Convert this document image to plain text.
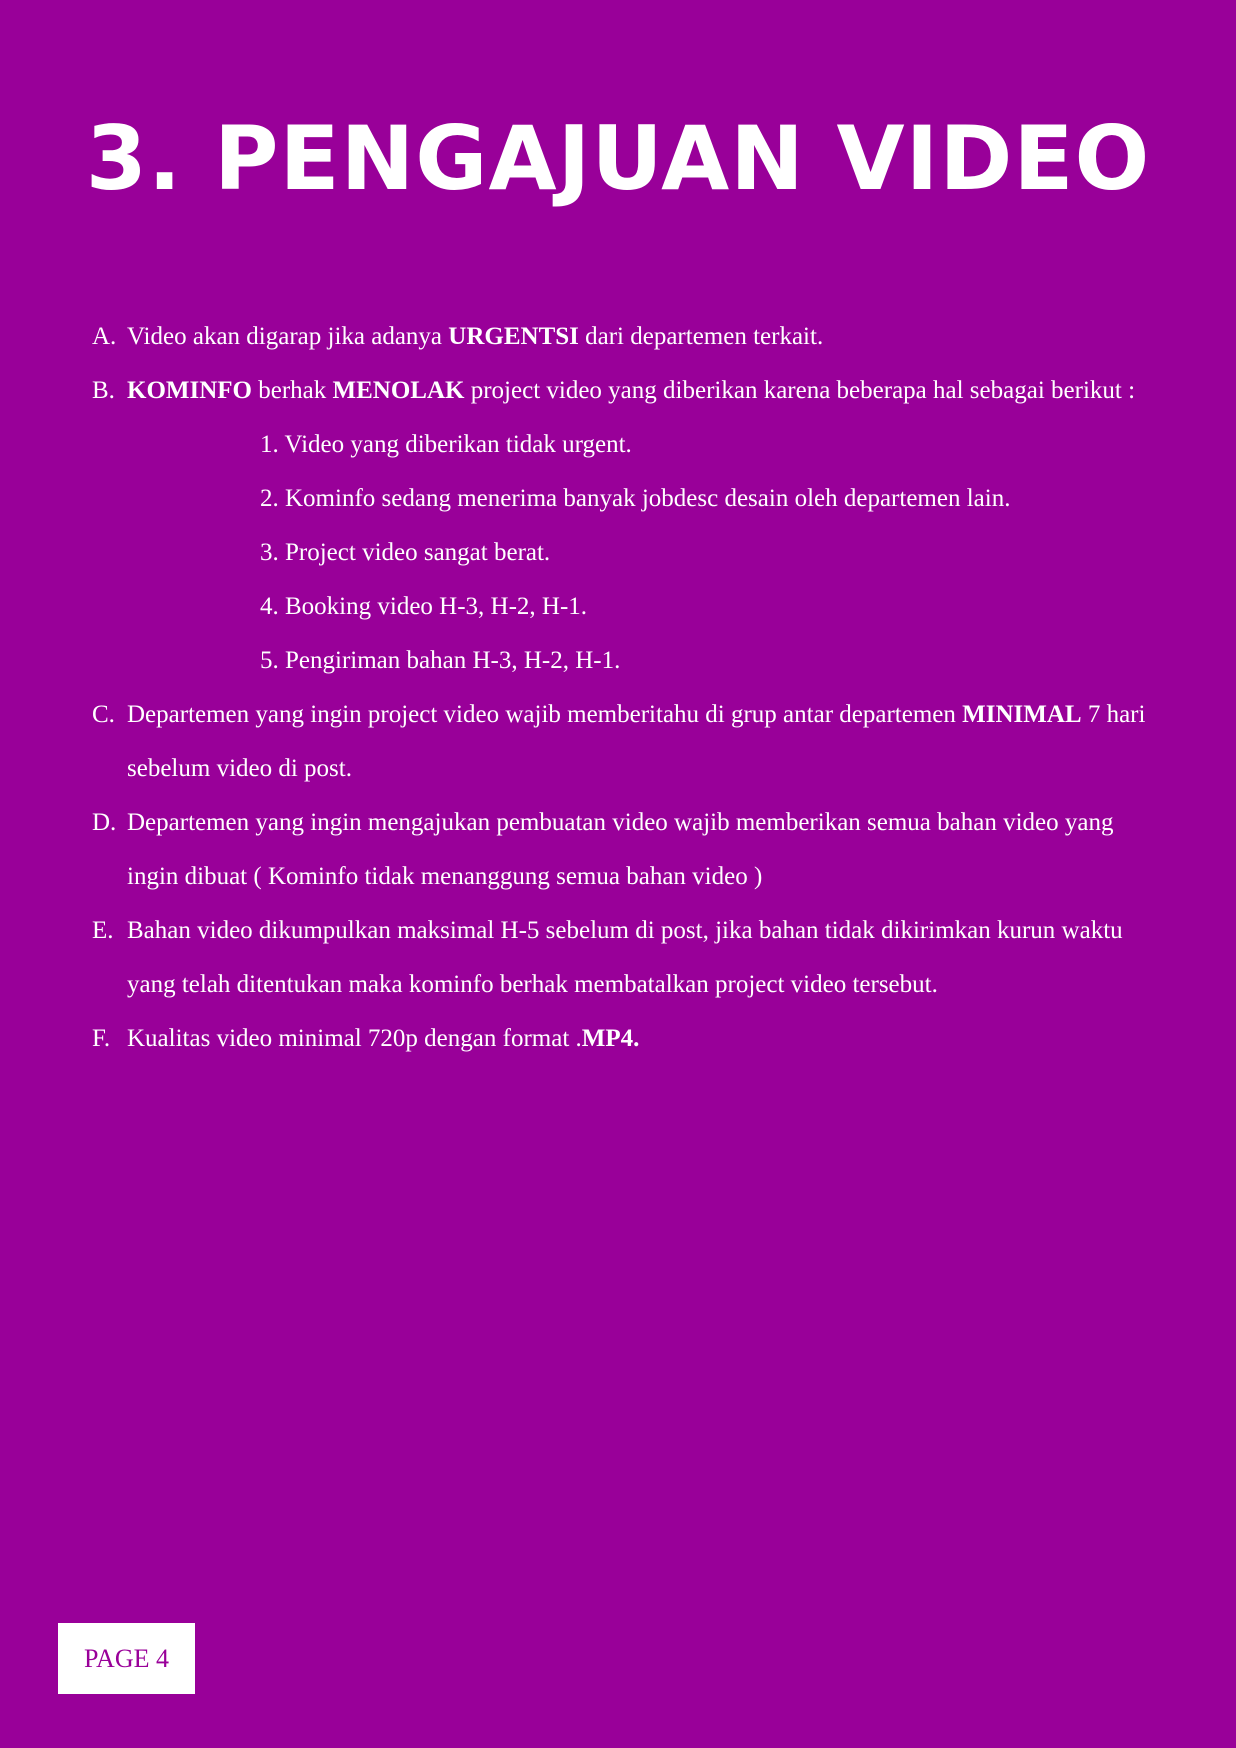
3. PENGAJUAN VIDEO
A. Video akan digarap jika adanya URGENTSI dari departemen terkait.
B. KOMINFO berhak MENOLAK project video yang diberikan karena beberapa hal sebagai berikut :
1. Video yang diberikan tidak urgent.
2. Kominfo sedang menerima banyak jobdesc desain oleh departemen lain.
3. Project video sangat berat.
4. Booking video H-3, H-2, H-1.
5. Pengiriman bahan H-3, H-2, H-1.
C. Departemen yang ingin project video wajib memberitahu di grup antar departemen MINIMAL 7 hari sebelum video di post.
D. Departemen yang ingin mengajukan pembuatan video wajib memberikan semua bahan video yang ingin dibuat ( Kominfo tidak menanggung semua bahan video )
E. Bahan video dikumpulkan maksimal H-5 sebelum di post, jika bahan tidak dikirimkan kurun waktu yang telah ditentukan maka kominfo berhak membatalkan project video tersebut.
F. Kualitas video minimal 720p dengan format .MP4.
PAGE 4
